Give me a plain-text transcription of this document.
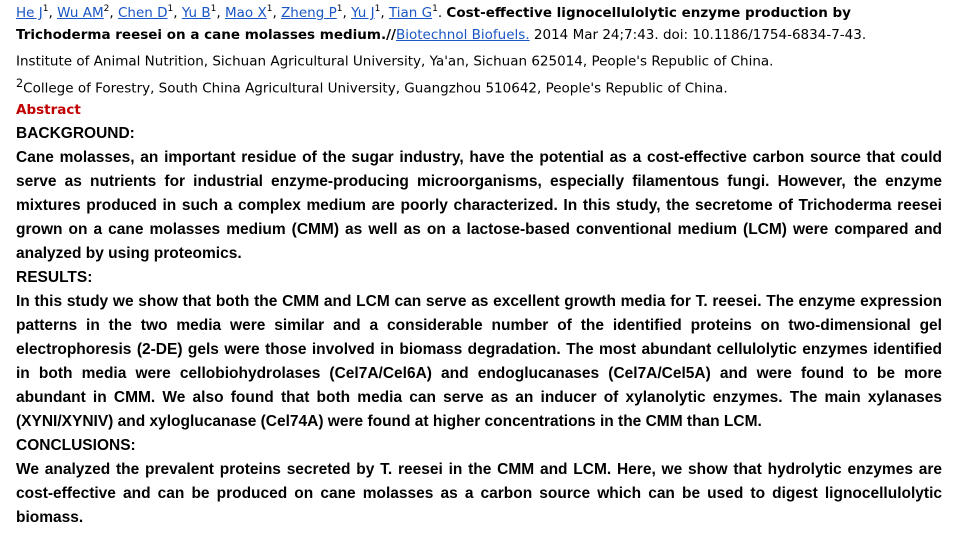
He $J^1$, Wu $AM^2$, Chen $D^1$, Yu $B^1$, Mao $X^1$, Zheng $P^1$, Yu $J^1$, Tian $G^1$. Cost-effective lignocellulolytic enzyme production by
Trichoderma reesei on a cane molasses medium.//Biotechnol Biofuels. 2014 Mar 24;7:43. doi: 10.1186/1754-6834-7-43.
Institute of Animal Nutrition, Sichuan Agricultural University, Ya'an, Sichuan 625014, People's Republic of China.
$^2$College of Forestry, South China Agricultural University, Guangzhou 510642, People's Republic of China.
Abstract
BACKGROUND:

Cane molasses, an important residue of the sugar industry, have the potential as a cost-effective carbon source that could serve as nutrients for industrial enzyme-producing microorganisms, especially filamentous fungi. However, the enzyme mixtures produced in such a complex medium are poorly characterized. In this study, the secretome of Trichoderma reesei grown on a cane molasses medium (CMM) as well as on a lactose-based conventional medium (LCM) were compared and analyzed by using proteomics.

RESULTS:

In this study we show that both the CMM and LCM can serve as excellent growth media for T. reesei. The enzyme expression patterns in the two media were similar and a considerable number of the identified proteins on two-dimensional gel electrophoresis (2-DE) gels were those involved in biomass degradation. The most abundant cellulolytic enzymes identified in both media were cellobiohydrolases (Cel7A/Cel6A) and endoglucanases (Cel7A/Cel5A) and were found to be more abundant in CMM. We also found that both media can serve as an inducer of xylanolytic enzymes. The main xylanases (XYNI/XYNIV) and xyloglucanase (Cel74A) were found at higher concentrations in the CMM than LCM.

CONCLUSIONS:

We analyzed the prevalent proteins secreted by T. reesei in the CMM and LCM. Here, we show that hydrolytic enzymes are cost-effective and can be produced on cane molasses as a carbon source which can be used to digest lignocellulolytic biomass.
